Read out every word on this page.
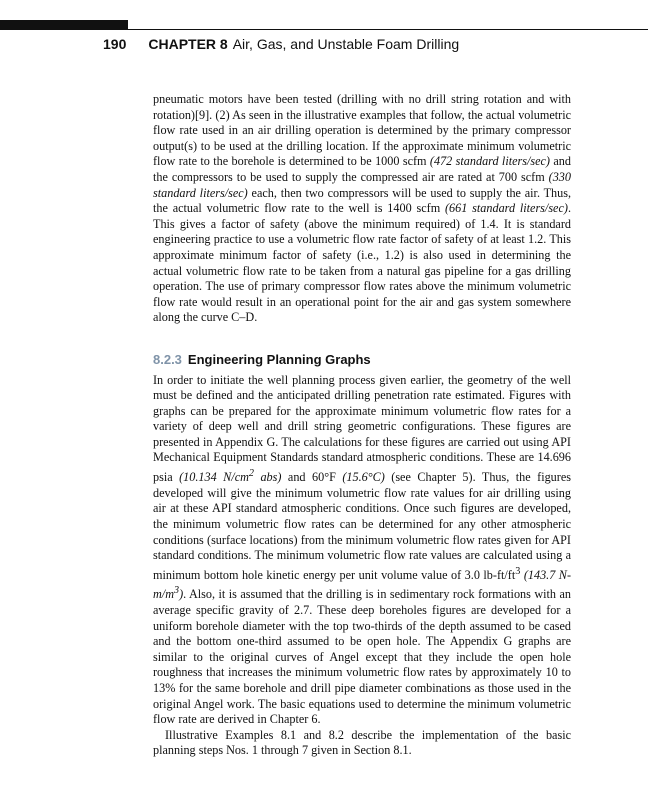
190 CHAPTER 8 Air, Gas, and Unstable Foam Drilling

pneumatic motors have been tested (drilling with no drill string rotation and with rotation)[9]. (2) As seen in the illustrative examples that follow, the actual volumetric flow rate used in an air drilling operation is determined by the primary compressor output(s) to be used at the drilling location. If the approximate minimum volumetric flow rate to the borehole is determined to be 1000 scfm (472 standard liters/sec) and the compressors to be used to supply the compressed air are rated at 700 scfm (330 standard liters/sec) each, then two compressors will be used to supply the air. Thus, the actual volumetric flow rate to the well is 1400 scfm (661 standard liters/sec). This gives a factor of safety (above the minimum required) of 1.4. It is standard engineering practice to use a volumetric flow rate factor of safety of at least 1.2. This approximate minimum factor of safety (i.e., 1.2) is also used in determining the actual volumetric flow rate to be taken from a natural gas pipeline for a gas drilling operation. The use of primary compressor flow rates above the minimum volumetric flow rate would result in an operational point for the air and gas system somewhere along the curve C–D.

8.2.3 Engineering Planning Graphs

In order to initiate the well planning process given earlier, the geometry of the well must be defined and the anticipated drilling penetration rate estimated. Figures with graphs can be prepared for the approximate minimum volumetric flow rates for a variety of deep well and drill string geometric configurations. These figures are presented in Appendix G. The calculations for these figures are carried out using API Mechanical Equipment Standards standard atmospheric conditions. These are 14.696 psia (10.134 $N/cm^2$ abs) and 60°F (15.6°C) (see Chapter 5). Thus, the figures developed will give the minimum volumetric flow rate values for air drilling using air at these API standard atmospheric conditions. Once such figures are developed, the minimum volumetric flow rates can be determined for any other atmospheric conditions (surface locations) from the minimum volumetric flow rates given for API standard conditions. The minimum volumetric flow rate values are calculated using a minimum bottom hole kinetic energy per unit volume value of 3.0 $lb-ft/ft^3$ (143.7 $N-m/m^3$). Also, it is assumed that the drilling is in sedimentary rock formations with an average specific gravity of 2.7. These deep boreholes figures are developed for a uniform borehole diameter with the top two-thirds of the depth assumed to be cased and the bottom one-third assumed to be open hole. The Appendix G graphs are similar to the original curves of Angel except that they include the open hole roughness that increases the minimum volumetric flow rates by approximately 10 to 13% for the same borehole and drill pipe diameter combinations as those used in the original Angel work. The basic equations used to determine the minimum volumetric flow rate are derived in Chapter 6.

Illustrative Examples 8.1 and 8.2 describe the implementation of the basic planning steps Nos. 1 through 7 given in Section 8.1.
